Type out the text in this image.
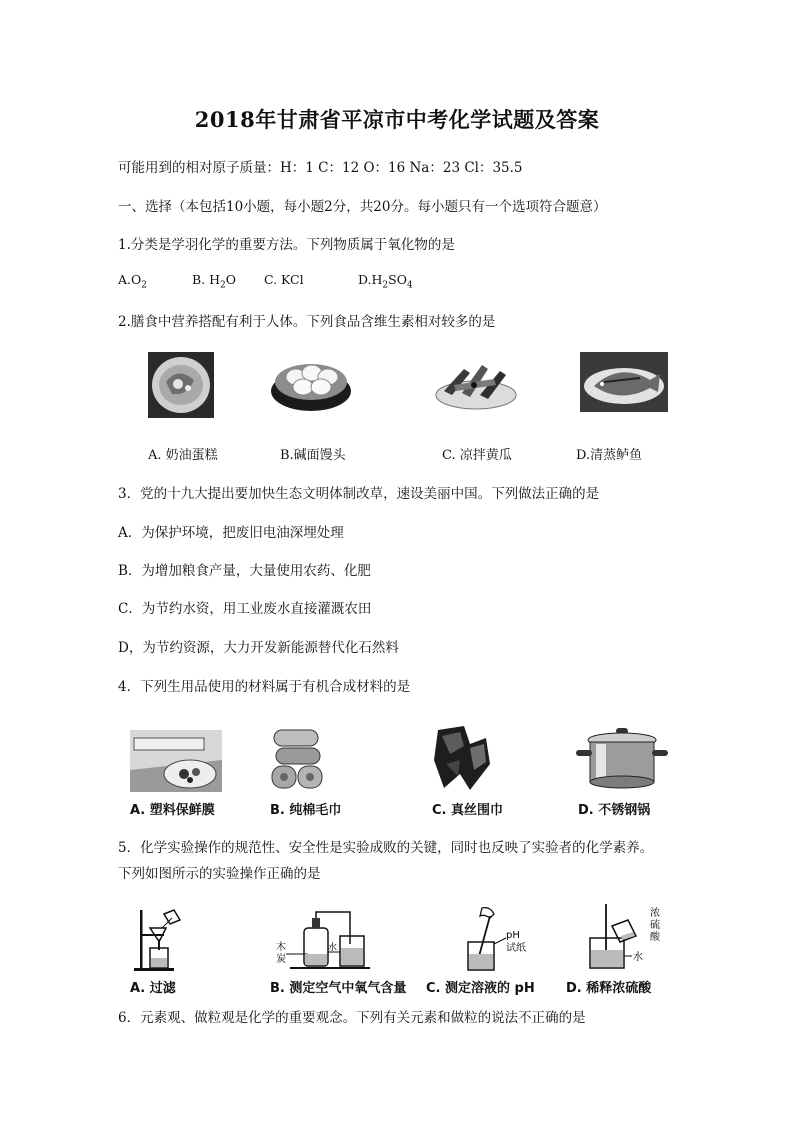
2018年甘肃省平凉市中考化学试题及答案
可能用到的相对原子质量：H：1 C：12 O：16 Na：23 Cl：35.5
一、选择（本包括10小题，每小题2分，共20分。每小题只有一个选项符合题意）
1.分类是学羽化学的重要方法。下列物质属于氧化物的是
$A.O_2$	B. $H_2O$ C. KCl	$D.H_2SO_4$
2.膳食中营养搭配有利于人体。下列食品含维生素相对较多的是
A. 奶油蛋糕	B.碱面馒头	C. 凉拌黄瓜	D.清蒸鲈鱼
3．党的十九大提出要加快生态文明体制改草，速设美丽中国。下列做法正确的是
A．为保护环境，把废旧电油深埋处理
B．为增加粮食产量，大量使用农药、化肥
C．为节约水资，用工业废水直接灌溉农田
D，为节约资源，大力开发新能源替代化石然料
4．下列生用品使用的材料属于有机合成材料的是
A. 塑料保鲜膜	B. 纯棉毛巾	C. 真丝围巾	D. 不锈钢锅
5．化学实验操作的规范性、安全性是实验成败的关键，同时也反映了实验者的化学素养。
下列如图所示的实验操作正确的是
木
炭
水
pH
试纸
水
浓
硫
酸
A. 过滤	B. 测定空气中氧气含量 C. 测定溶液的 pH D. 稀释浓硫酸
6．元素观、做粒观是化学的重要观念。下列有关元素和做粒的说法不正确的是
